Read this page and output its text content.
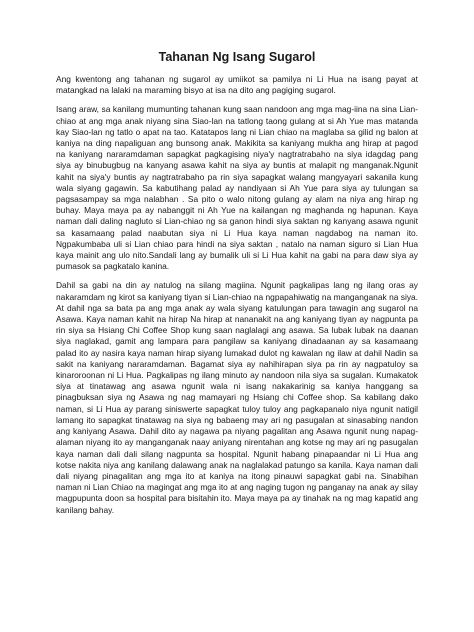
Tahanan Ng Isang Sugarol

Ang kwentong ang tahanan ng sugarol ay umiikot sa pamilya ni Li Hua na isang payat at matangkad na lalaki na maraming bisyo at isa na dito ang pagiging sugarol.

Isang araw, sa kanilang mumunting tahanan kung saan nandoon ang mga mag-iina na sina Lian-chiao at ang mga anak niyang sina Siao-lan na tatlong taong gulang at si Ah Yue mas matanda kay Siao-lan ng tatlo o apat na tao. Katatapos lang ni Lian chiao na maglaba sa gilid ng balon at kaniya na ding napaliguan ang bunsong anak. Makikita sa kaniyang mukha ang hirap at pagod na kaniyang nararamdaman sapagkat pagkagising niya'y nagtratrabaho na siya idagdag pang siya ay binubugbug na kanyang asawa kahit na siya ay buntis at malapit ng manganak.Ngunit kahit na siya'y buntis ay nagtratrabaho pa rin siya sapagkat walang mangyayari sakanila kung wala siyang gagawin. Sa kabutihang palad ay nandiyaan si Ah Yue para siya ay tulungan sa pagsasampay sa mga nalabhan . Sa pito o walo nitong gulang ay alam na niya ang hirap ng buhay. Maya maya pa ay nabanggit ni Ah Yue na kailangan ng maghanda ng hapunan. Kaya naman dali daling nagluto si Lian-chiao ng sa ganon hindi siya saktan ng kanyang asawa ngunit sa kasamaang palad naabutan siya ni Li Hua kaya naman nagdabog na naman ito. Ngpakumbaba uli si Lian chiao para hindi na siya saktan , natalo na naman siguro si Lian Hua kaya mainit ang ulo nito.Sandali lang ay bumalik uli si Li Hua kahit na gabi na para daw siya ay pumasok sa pagkatalo kanina.

Dahil sa gabi na din ay natulog na silang magiina. Ngunit pagkalipas lang ng ilang oras ay nakaramdam ng kirot sa kaniyang tiyan si Lian-chiao na ngpapahiwatig na manganganak na siya. At dahil nga sa bata pa ang mga anak ay wala siyang katulungan para tawagin ang sugarol na Asawa. Kaya naman kahit na hirap Na hirap at nananakit na ang kaniyang tiyan ay nagpunta pa rin siya sa Hsiang Chi Coffee Shop kung saan naglalagi ang asawa. Sa lubak lubak na daanan siya naglakad, gamit ang lampara para pangilaw sa kaniyang dinadaanan ay sa kasamaang palad ito ay nasira kaya naman hirap siyang lumakad dulot ng kawalan ng ilaw at dahil Nadin sa sakit na kaniyang nararamdaman. Bagamat siya ay nahihirapan siya pa rin ay nagpatuloy sa kinaroroonan ni Li Hua. Pagkalipas ng ilang minuto ay nandoon nila siya sa sugalan. Kumakatok siya at tinatawag ang asawa ngunit wala ni isang nakakarinig sa kaniya hanggang sa pinagbuksan siya ng Asawa ng nag mamayari ng Hsiang chi Coffee shop. Sa kabilang dako naman, si Li Hua ay parang siniswerte sapagkat tuloy tuloy ang pagkapanalo niya ngunit natigil lamang ito sapagkat tinatawag na siya ng babaeng may ari ng pasugalan at sinasabing nandon ang kaniyang Asawa. Dahil dito ay nagawa pa niyang pagalitan ang Asawa ngunit nung napag-alaman niyang ito ay manganganak naay aniyang nirentahan ang kotse ng may ari ng pasugalan kaya naman dali dali silang nagpunta sa hospital. Ngunit habang pinapaandar ni Li Hua ang kotse nakita niya ang kanilang dalawang anak na naglalakad patungo sa kanila. Kaya naman dali dali niyang pinagalitan ang mga ito at kaniya na itong pinauwi sapagkat gabi na. Sinabihan naman ni Lian Chiao na magingat ang mga ito at ang naging tugon ng panganay na anak ay silay magpupunta doon sa hospital para bisitahin ito. Maya maya pa ay tinahak na ng mag kapatid ang kanilang bahay.
